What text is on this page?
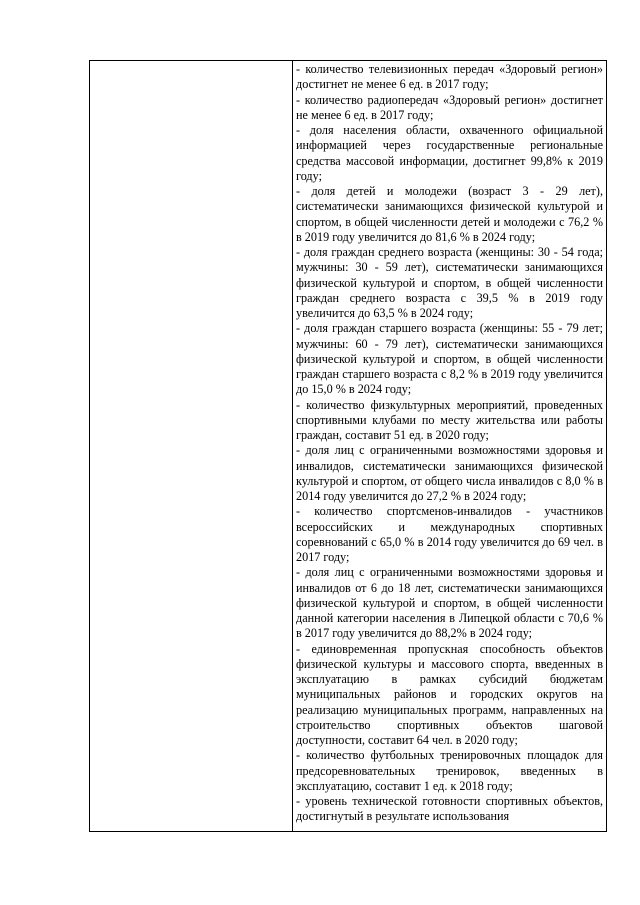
- количество телевизионных передач «Здоровый регион» достигнет не менее 6 ед. в 2017 году;

- количество радиопередач «Здоровый регион» достигнет не менее 6 ед. в 2017 году;

- доля населения области, охваченного официальной информацией через государственные региональные средства массовой информации, достигнет 99,8% к 2019 году;

- доля детей и молодежи (возраст 3 - 29 лет), систематически занимающихся физической культурой и спортом, в общей численности детей и молодежи с 76,2 % в 2019 году увеличится до 81,6 % в 2024 году;

- доля граждан среднего возраста (женщины: 30 - 54 года; мужчины: 30 - 59 лет), систематически занимающихся физической культурой и спортом, в общей численности граждан среднего возраста с 39,5 % в 2019 году увеличится до 63,5 % в 2024 году;

- доля граждан старшего возраста (женщины: 55 - 79 лет; мужчины: 60 - 79 лет), систематически занимающихся физической культурой и спортом, в общей численности граждан старшего возраста с 8,2 % в 2019 году увеличится до 15,0 % в 2024 году;

- количество физкультурных мероприятий, проведенных спортивными клубами по месту жительства или работы граждан, составит 51 ед. в 2020 году;

- доля лиц с ограниченными возможностями здоровья и инвалидов, систематически занимающихся физической культурой и спортом, от общего числа инвалидов с 8,0 % в 2014 году увеличится до 27,2 % в 2024 году;

- количество спортсменов-инвалидов - участников всероссийских и международных спортивных соревнований с 65,0 % в 2014 году увеличится до 69 чел. в 2017 году;

- доля лиц с ограниченными возможностями здоровья и инвалидов от 6 до 18 лет, систематически занимающихся физической культурой и спортом, в общей численности данной категории населения в Липецкой области с 70,6 % в 2017 году увеличится до 88,2% в 2024 году;

- единовременная пропускная способность объектов физической культуры и массового спорта, введенных в эксплуатацию в рамках субсидий бюджетам муниципальных районов и городских округов на реализацию муниципальных программ, направленных на строительство спортивных объектов шаговой доступности, составит 64 чел. в 2020 году;

- количество футбольных тренировочных площадок для предсоревновательных тренировок, введенных в эксплуатацию, составит 1 ед. к 2018 году;

- уровень технической готовности спортивных объектов, достигнутый в результате использования
